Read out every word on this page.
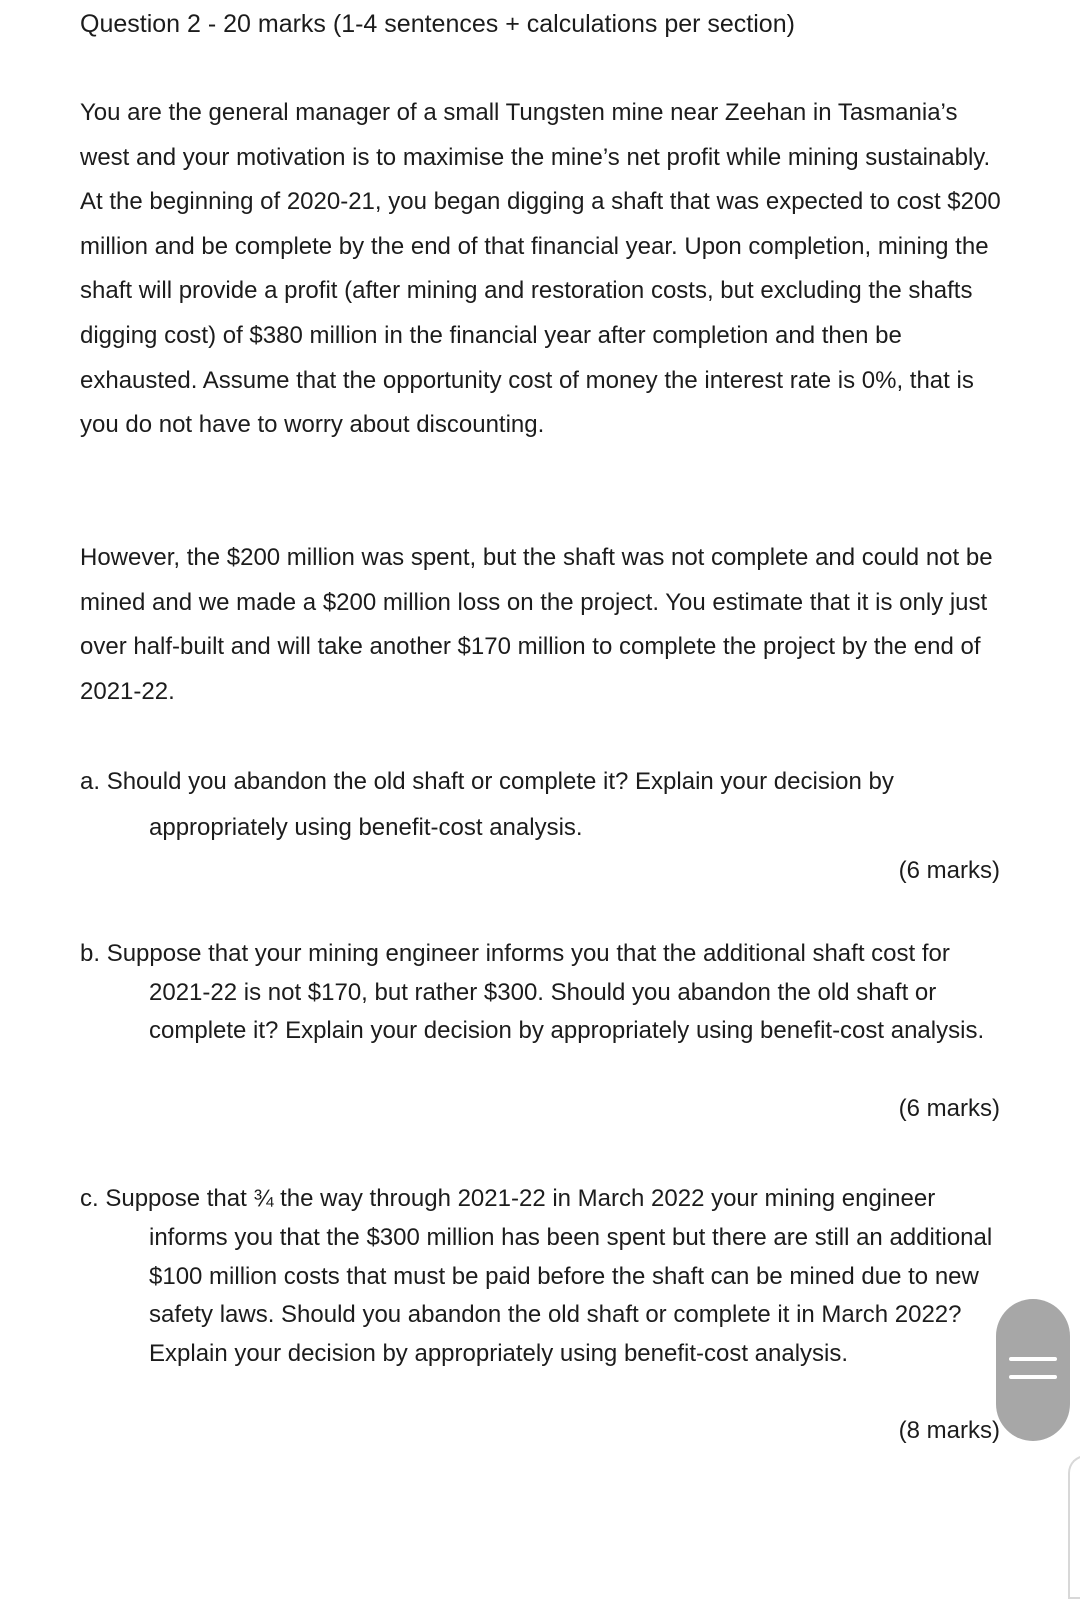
Question 2 - 20 marks (1-4 sentences + calculations per section)

You are the general manager of a small Tungsten mine near Zeehan in Tasmania’s west and your motivation is to maximise the mine’s net profit while mining sustainably. At the beginning of 2020-21, you began digging a shaft that was expected to cost $200 million and be complete by the end of that financial year. Upon completion, mining the shaft will provide a profit (after mining and restoration costs, but excluding the shafts digging cost) of $380 million in the financial year after completion and then be exhausted. Assume that the opportunity cost of money the interest rate is 0%, that is you do not have to worry about discounting.

However, the $200 million was spent, but the shaft was not complete and could not be mined and we made a $200 million loss on the project. You estimate that it is only just over half-built and will take another $170 million to complete the project by the end of 2021-22.

a. Should you abandon the old shaft or complete it? Explain your decision by appropriately using benefit-cost analysis.

(6 marks)

b. Suppose that your mining engineer informs you that the additional shaft cost for 2021-22 is not $170, but rather $300. Should you abandon the old shaft or complete it? Explain your decision by appropriately using benefit-cost analysis.

(6 marks)

c. Suppose that ¾ the way through 2021-22 in March 2022 your mining engineer informs you that the $300 million has been spent but there are still an additional $100 million costs that must be paid before the shaft can be mined due to new safety laws. Should you abandon the old shaft or complete it in March 2022? Explain your decision by appropriately using benefit-cost analysis.

(8 marks)
